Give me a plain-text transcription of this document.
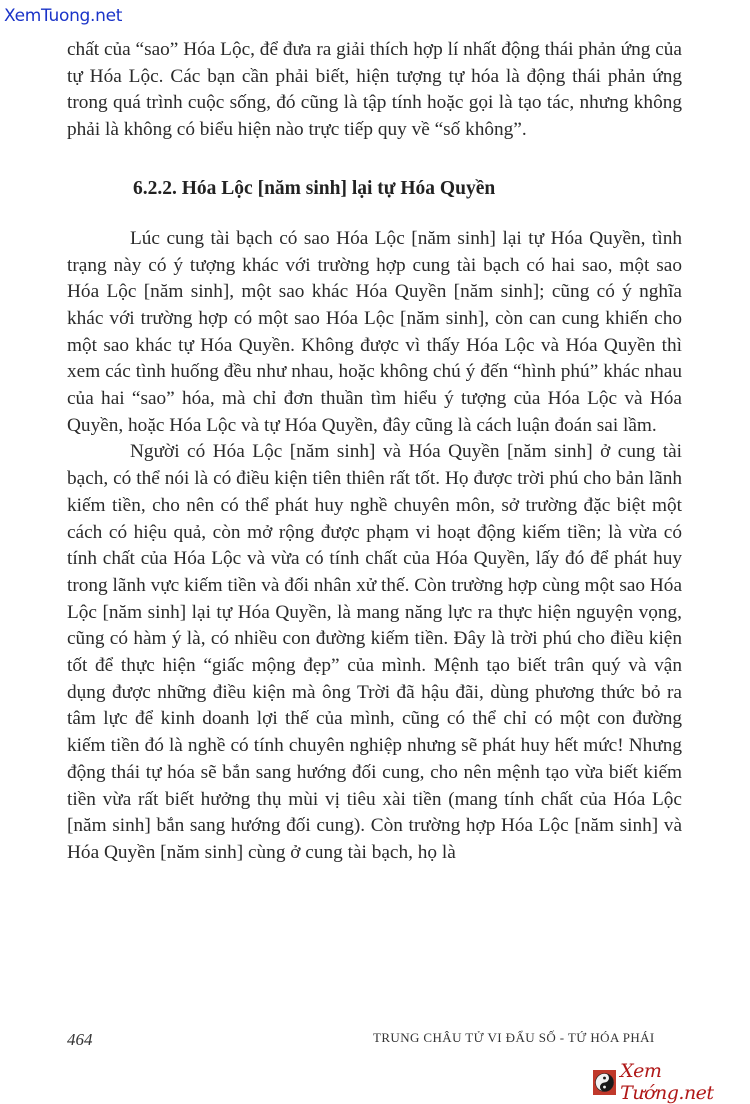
XemTuong.net

chất của “sao” Hóa Lộc, để đưa ra giải thích hợp lí nhất động thái phản ứng của tự Hóa Lộc. Các bạn cần phải biết, hiện tượng tự hóa là động thái phản ứng trong quá trình cuộc sống, đó cũng là tập tính hoặc gọi là tạo tác, nhưng không phải là không có biểu hiện nào trực tiếp quy về “số không”.

6.2.2. Hóa Lộc [năm sinh] lại tự Hóa Quyền

Lúc cung tài bạch có sao Hóa Lộc [năm sinh] lại tự Hóa Quyền, tình trạng này có ý tượng khác với trường hợp cung tài bạch có hai sao, một sao Hóa Lộc [năm sinh], một sao khác Hóa Quyền [năm sinh]; cũng có ý nghĩa khác với trường hợp có một sao Hóa Lộc [năm sinh], còn can cung khiến cho một sao khác tự Hóa Quyền. Không được vì thấy Hóa Lộc và Hóa Quyền thì xem các tình huống đều như nhau, hoặc không chú ý đến “hình phú” khác nhau của hai “sao” hóa, mà chỉ đơn thuần tìm hiểu ý tượng của Hóa Lộc và Hóa Quyền, hoặc Hóa Lộc và tự Hóa Quyền, đây cũng là cách luận đoán sai lầm.

Người có Hóa Lộc [năm sinh] và Hóa Quyền [năm sinh] ở cung tài bạch, có thể nói là có điều kiện tiên thiên rất tốt. Họ được trời phú cho bản lãnh kiếm tiền, cho nên có thể phát huy nghề chuyên môn, sở trường đặc biệt một cách có hiệu quả, còn mở rộng được phạm vi hoạt động kiếm tiền; là vừa có tính chất của Hóa Lộc và vừa có tính chất của Hóa Quyền, lấy đó để phát huy trong lãnh vực kiếm tiền và đối nhân xử thế. Còn trường hợp cùng một sao Hóa Lộc [năm sinh] lại tự Hóa Quyền, là mang năng lực ra thực hiện nguyện vọng, cũng có hàm ý là, có nhiều con đường kiếm tiền. Đây là trời phú cho điều kiện tốt để thực hiện “giấc mộng đẹp” của mình. Mệnh tạo biết trân quý và vận dụng được những điều kiện mà ông Trời đã hậu đãi, dùng phương thức bỏ ra tâm lực để kinh doanh lợi thế của mình, cũng có thể chỉ có một con đường kiếm tiền đó là nghề có tính chuyên nghiệp nhưng sẽ phát huy hết mức! Nhưng động thái tự hóa sẽ bắn sang hướng đối cung, cho nên mệnh tạo vừa biết kiếm tiền vừa rất biết hưởng thụ mùi vị tiêu xài tiền (mang tính chất của Hóa Lộc [năm sinh] bắn sang hướng đối cung). Còn trường hợp Hóa Lộc [năm sinh] và Hóa Quyền [năm sinh] cùng ở cung tài bạch, họ là

464	TRUNG CHÂU TỬ VI ĐẨU SỐ - TỨ HÓA PHÁI
Xem Tướng.net
